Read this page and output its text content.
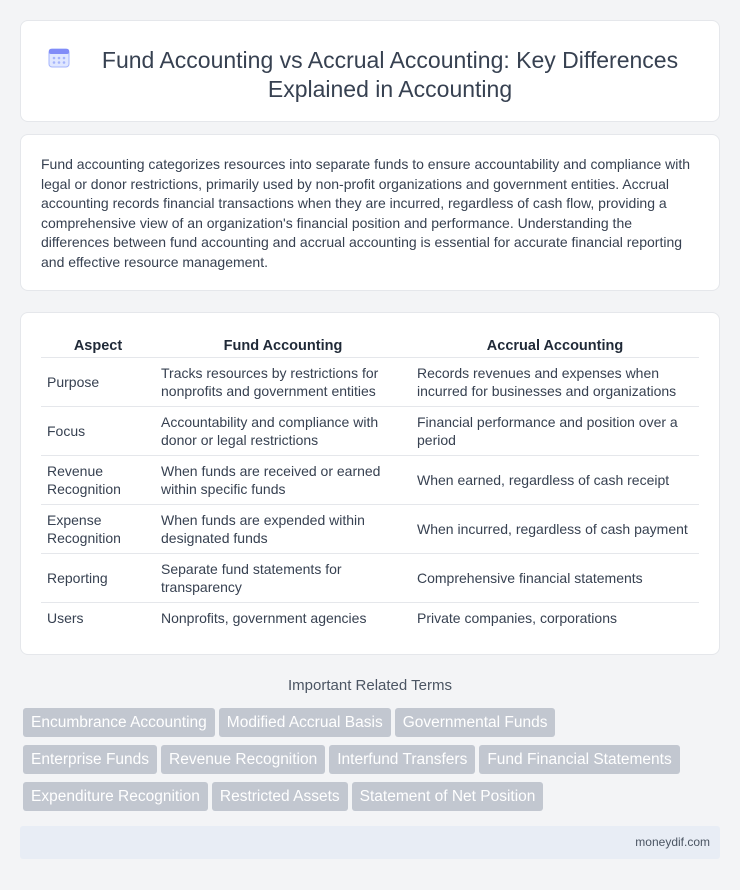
Fund Accounting vs Accrual Accounting: Key Differences Explained in Accounting

Fund accounting categorizes resources into separate funds to ensure accountability and compliance with legal or donor restrictions, primarily used by non-profit organizations and government entities. Accrual accounting records financial transactions when they are incurred, regardless of cash flow, providing a comprehensive view of an organization's financial position and performance. Understanding the differences between fund accounting and accrual accounting is essential for accurate financial reporting and effective resource management.

Aspect	Fund Accounting	Accrual Accounting
Purpose	Tracks resources by restrictions for nonprofits and government entities	Records revenues and expenses when incurred for businesses and organizations
Focus	Accountability and compliance with donor or legal restrictions	Financial performance and position over a period
Revenue Recognition	When funds are received or earned within specific funds	When earned, regardless of cash receipt
Expense Recognition	When funds are expended within designated funds	When incurred, regardless of cash payment
Reporting	Separate fund statements for transparency	Comprehensive financial statements
Users	Nonprofits, government agencies	Private companies, corporations
Important Related Terms
Encumbrance Accounting Modified Accrual Basis Governmental Funds
Enterprise Funds Revenue Recognition Interfund Transfers Fund Financial Statements
Expenditure Recognition Restricted Assets Statement of Net Position
moneydif.com
